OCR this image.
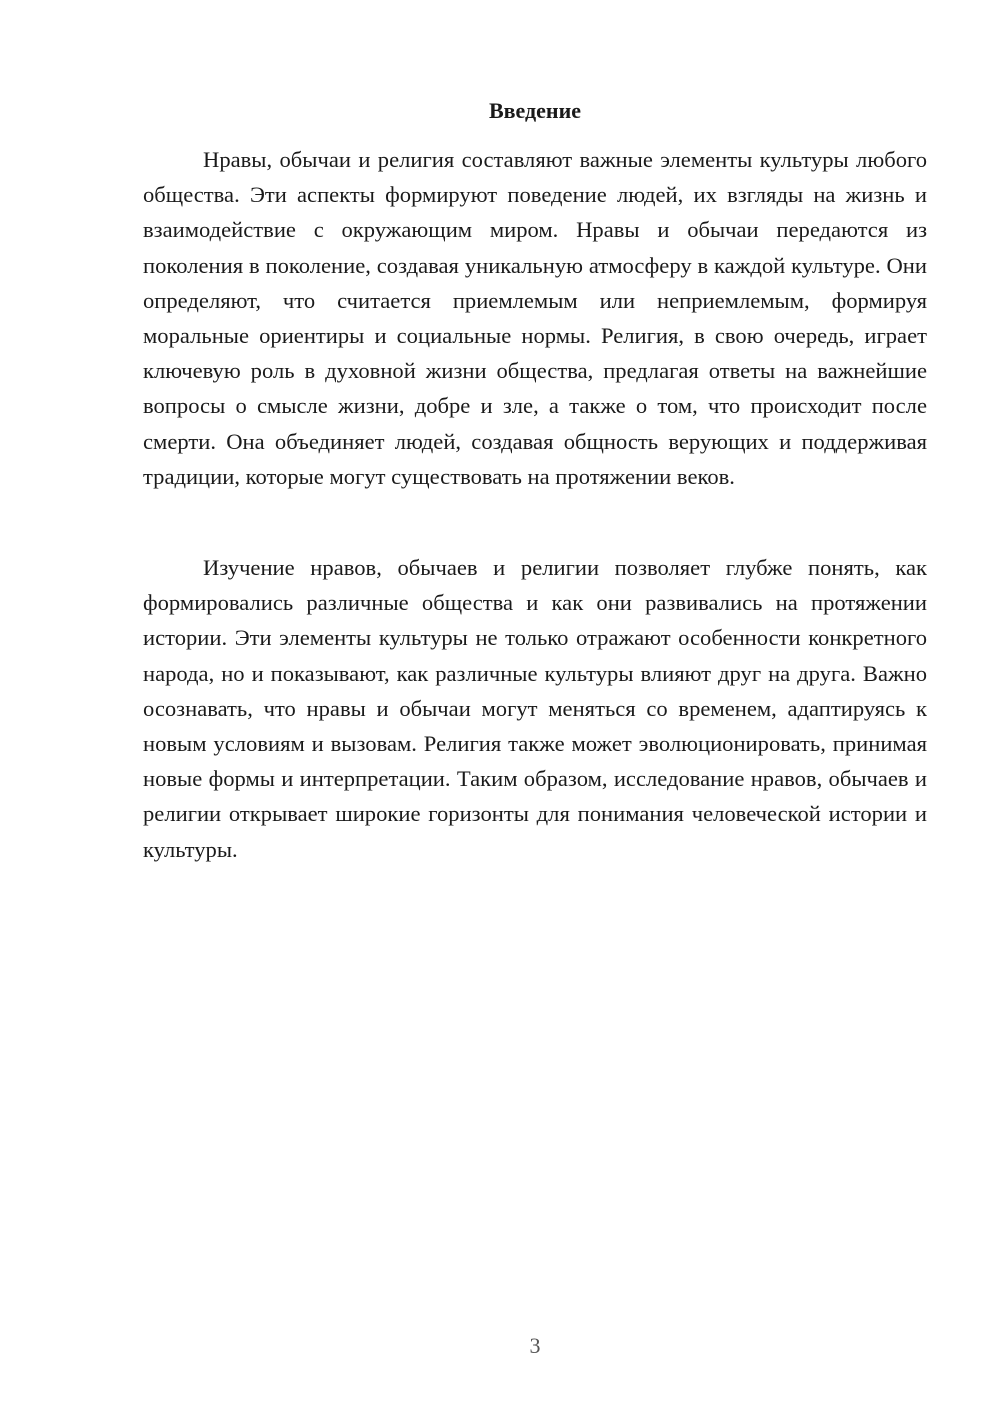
Введение

Нравы, обычаи и религия составляют важные элементы культуры любого общества. Эти аспекты формируют поведение людей, их взгляды на жизнь и взаимодействие с окружающим миром. Нравы и обычаи передаются из поколения в поколение, создавая уникальную атмосферу в каждой культуре. Они определяют, что считается приемлемым или неприемлемым, формируя моральные ориентиры и социальные нормы. Религия, в свою очередь, играет ключевую роль в духовной жизни общества, предлагая ответы на важнейшие вопросы о смысле жизни, добре и зле, а также о том, что происходит после смерти. Она объединяет людей, создавая общность верующих и поддерживая традиции, которые могут существовать на протяжении веков.

Изучение нравов, обычаев и религии позволяет глубже понять, как формировались различные общества и как они развивались на протяжении истории. Эти элементы культуры не только отражают особенности конкретного народа, но и показывают, как различные культуры влияют друг на друга. Важно осознавать, что нравы и обычаи могут меняться со временем, адаптируясь к новым условиям и вызовам. Религия также может эволюционировать, принимая новые формы и интерпретации. Таким образом, исследование нравов, обычаев и религии открывает широкие горизонты для понимания человеческой истории и культуры.

3
